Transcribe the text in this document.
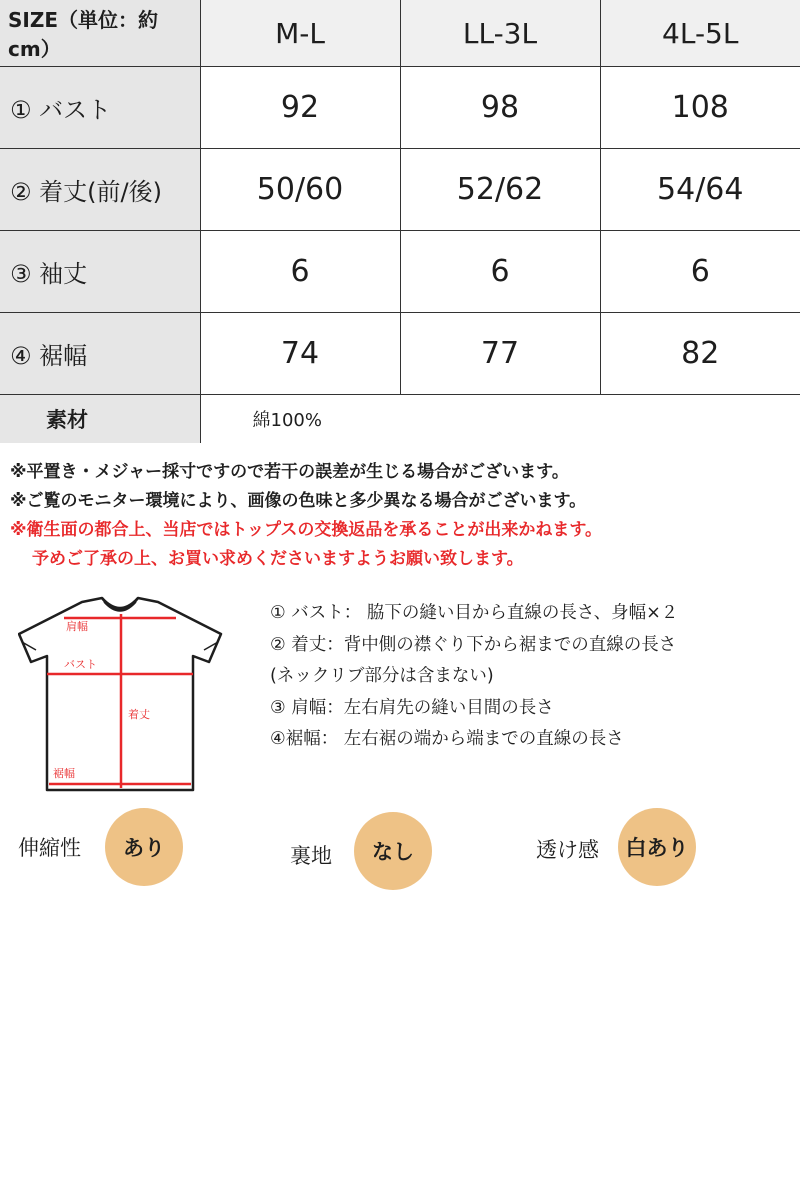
SIZE（単位：約cm）	M-L	LL-3L	4L-5L
① バスト	92	98	108
② 着丈(前/後)	50/60	52/62	54/64
③ 袖丈	6	6	6
④ 裾幅	74	77	82
素材	綿100%		
※平置き・メジャー採寸ですので若干の誤差が生じる場合がございます。
※ご覧のモニター環境により、画像の色味と多少異なる場合がございます。
※衛生面の都合上、当店ではトップスの交換返品を承ることが出来かねます。
予めご了承の上、お買い求めくださいますようお願い致します。
肩幅
バスト
着丈
裾幅
① バスト： 脇下の縫い目から直線の長さ、身幅×２
② 着丈：背中側の襟ぐり下から裾までの直線の長さ
(ネックリブ部分は含まない)
③ 肩幅：左右肩先の縫い目間の長さ
④裾幅： 左右裾の端から端までの直線の長さ
伸縮性	あり	裏地	なし	透け感	白あり
